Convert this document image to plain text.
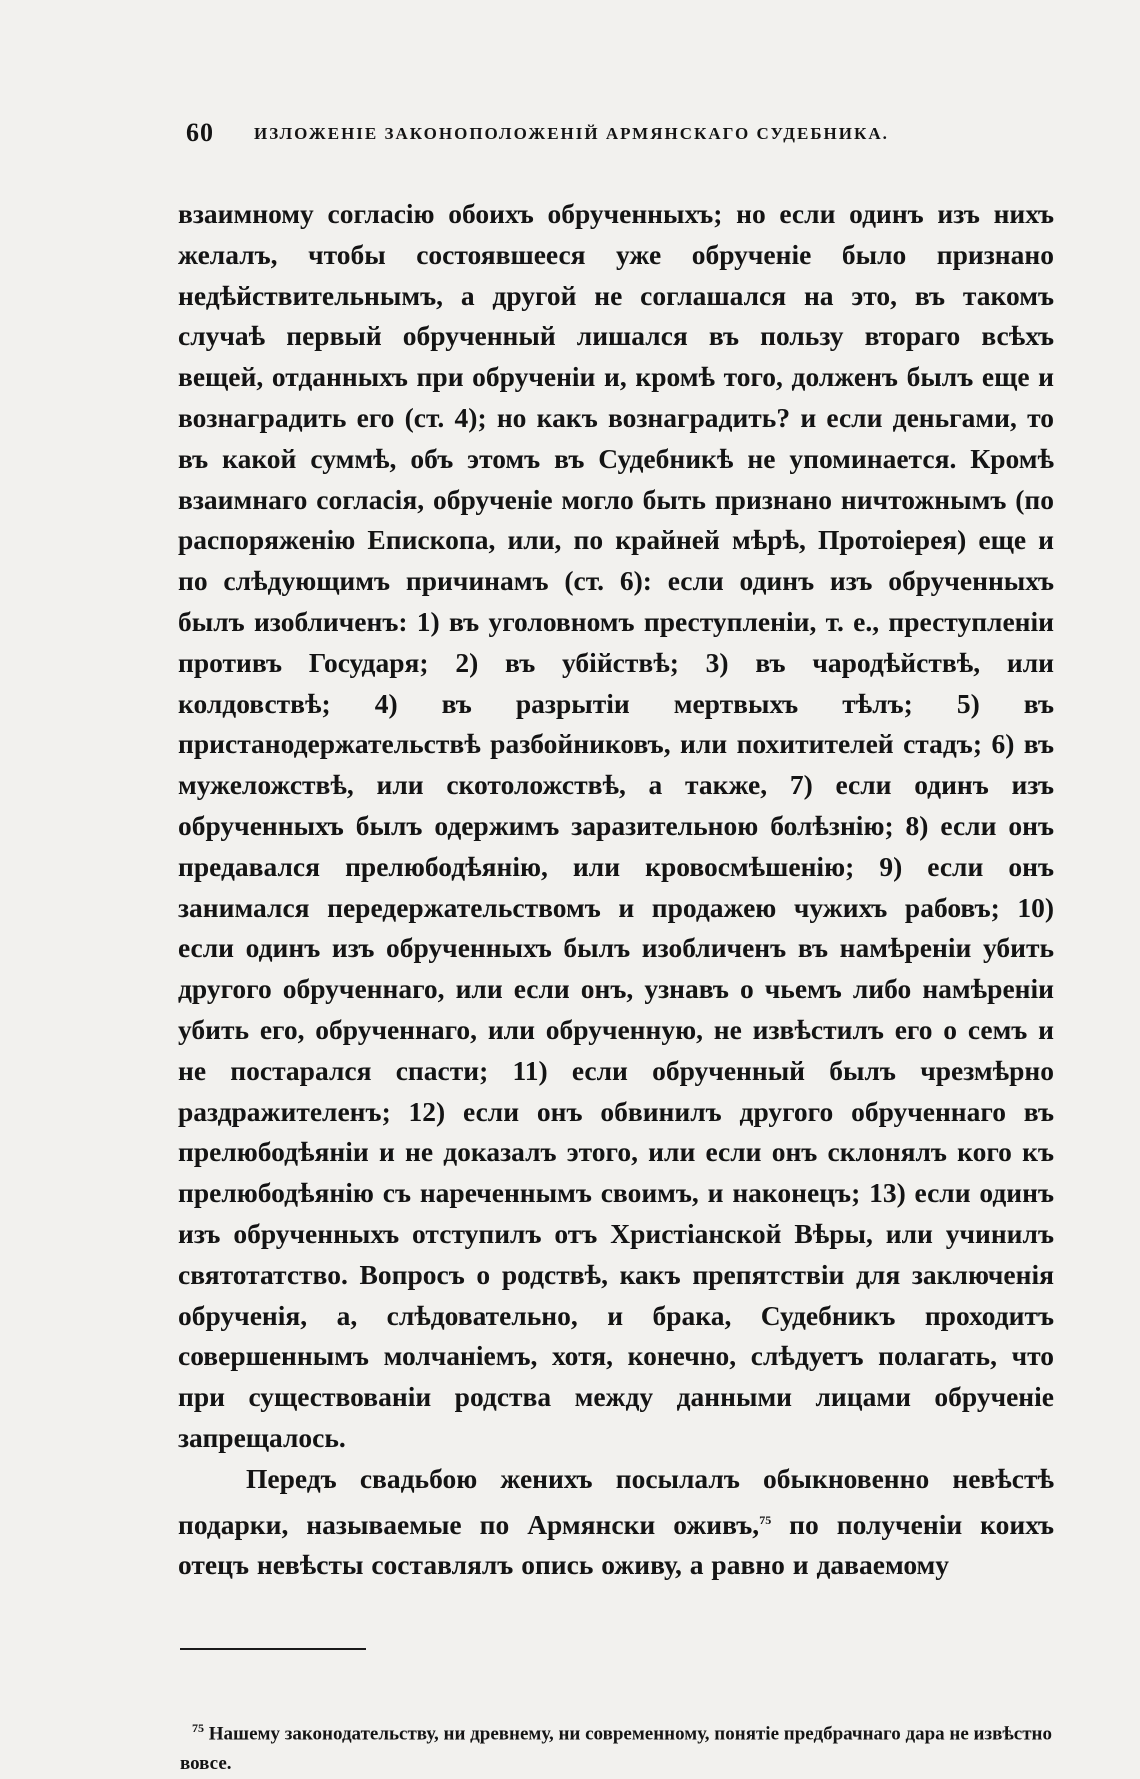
60 ИЗЛОЖЕНІЕ ЗАКОНОПОЛОЖЕНІЙ АРМЯНСКАГО СУДЕБНИКА.

взаимному согласію обоихъ обрученныхъ; но если одинъ изъ нихъ желалъ, чтобы состоявшееся уже обрученіе было признано недѣйствительнымъ, а другой не соглашался на это, въ такомъ случаѣ первый обрученный лишался въ пользу втораго всѣхъ вещей, отданныхъ при обрученіи и, кромѣ того, долженъ былъ еще и вознаградить его (ст. 4); но какъ вознаградить? и если деньгами, то въ какой суммѣ, объ этомъ въ Судебникѣ не упоминается. Кромѣ взаимнаго согласія, обрученіе могло быть признано ничтожнымъ (по распоряженію Епископа, или, по крайней мѣрѣ, Протоіерея) еще и по слѣдующимъ причинамъ (ст. 6): если одинъ изъ обрученныхъ былъ изобличенъ: 1) въ уголовномъ преступленіи, т. е., преступленіи противъ Государя; 2) въ убійствѣ; 3) въ чародѣйствѣ, или колдовствѣ; 4) въ разрытіи мертвыхъ тѣлъ; 5) въ пристанодержательствѣ разбойниковъ, или похитителей стадъ; 6) въ мужеложствѣ, или скотоложствѣ, а также, 7) если одинъ изъ обрученныхъ былъ одержимъ заразительною болѣзнію; 8) если онъ предавался прелюбодѣянію, или кровосмѣшенію; 9) если онъ занимался передержательствомъ и продажею чужихъ рабовъ; 10) если одинъ изъ обрученныхъ былъ изобличенъ въ намѣреніи убить другого обрученнаго, или если онъ, узнавъ о чьемъ либо намѣреніи убить его, обрученнаго, или обрученную, не извѣстилъ его о семъ и не постарался спасти; 11) если обрученный былъ чрезмѣрно раздражителенъ; 12) если онъ обвинилъ другого обрученнаго въ прелюбодѣяніи и не доказалъ этого, или если онъ склонялъ кого къ прелюбодѣянію съ нареченнымъ своимъ, и наконецъ; 13) если одинъ изъ обрученныхъ отступилъ отъ Христіанской Вѣры, или учинилъ святотатство. Вопросъ о родствѣ, какъ препятствіи для заключенія обрученія, а, слѣдовательно, и брака, Судебникъ проходитъ совершеннымъ молчаніемъ, хотя, конечно, слѣдуетъ полагать, что при существованіи родства между данными лицами обрученіе запрещалось.

Передъ свадьбою женихъ посылалъ обыкновенно невѣстѣ подарки, называемые по Армянски оживъ,$^{75}$ по полученіи коихъ отецъ невѣсты составлялъ опись оживу, а равно и даваемому

$^{75}$ Нашему законодательству, ни древнему, ни современному, понятіе предбрачнаго дара не извѣстно вовсе.
